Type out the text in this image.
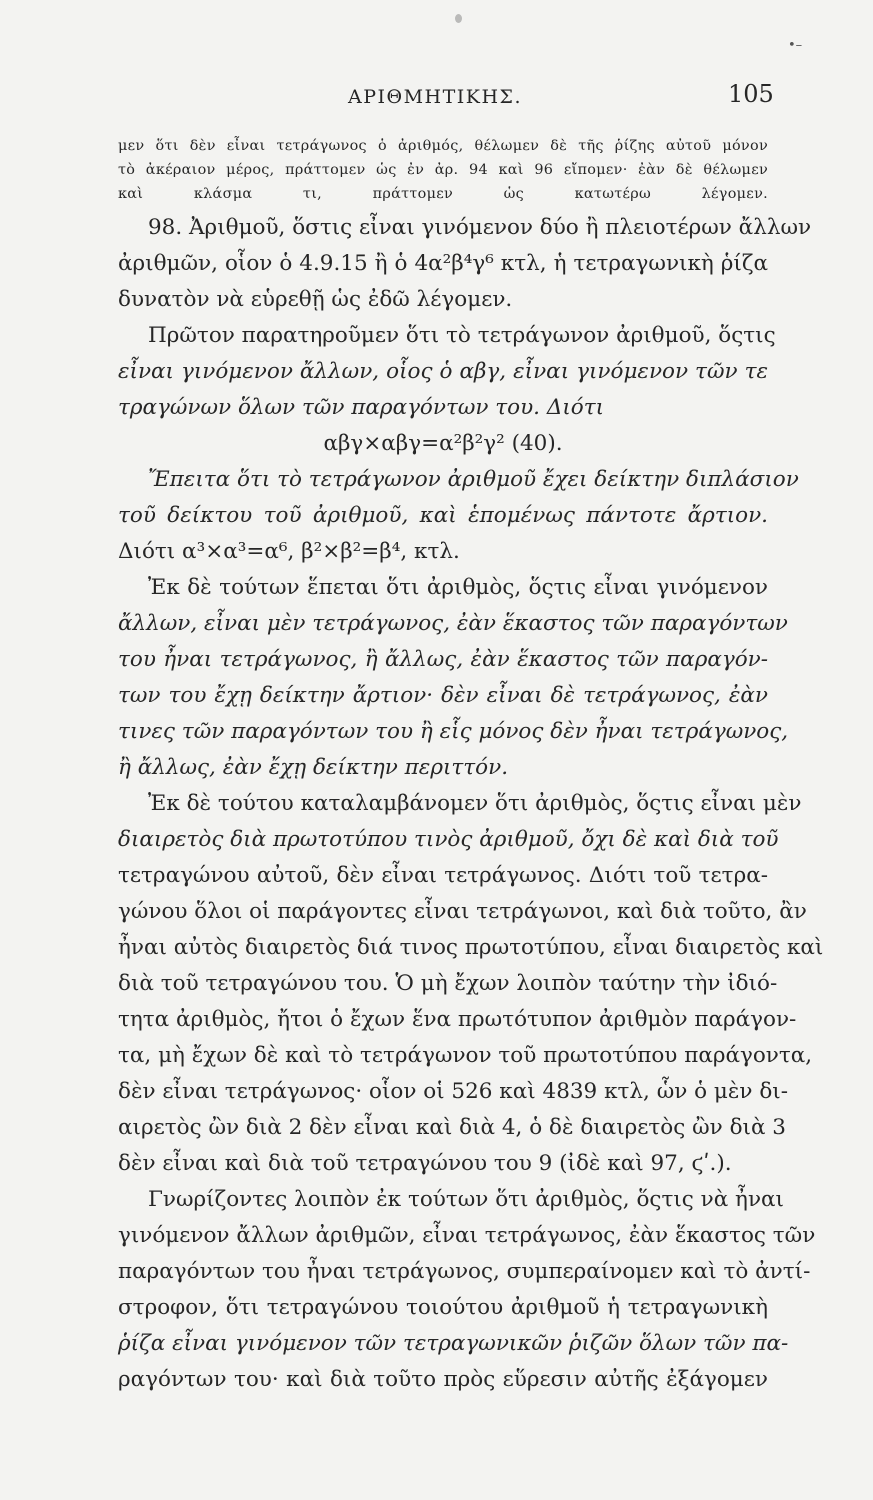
•–
ΑΡΙΘΜΗΤΙΚΗΣ.	105
μεν ὅτι δὲν εἶναι τετράγωνος ὁ ἀριθμός, θέλωμεν δὲ τῆς ῥίζης αὐτοῦ μόνον
τὸ ἀκέραιον μέρος, πράττομεν ὡς ἐν ἀρ. 94 καὶ 96 εἴπομεν· ἐὰν δὲ θέλωμεν
καὶ κλάσμα τι, πράττομεν ὡς κατωτέρω λέγομεν.
98. Ἀριθμοῦ, ὅστις εἶναι γινόμενον δύο ἢ πλειοτέρων ἄλλων
ἀριθμῶν, οἷον ὁ 4.9.15 ἢ ὁ 4α²β⁴γ⁶ κτλ, ἡ τετραγωνικὴ ῥίζα
δυνατὸν νὰ εὑρεθῇ ὡς ἐδῶ λέγομεν.
Πρῶτον παρατηροῦμεν ὅτι τὸ τετράγωνον ἀριθμοῦ, ὅςτις
εἶναι γινόμενον ἄλλων, οἷος ὁ αβγ, εἶναι γινόμενον τῶν τε
τραγώνων ὅλων τῶν παραγόντων του. Διότι
αβγ×αβγ=α²β²γ² (40).
Ἔπειτα ὅτι τὸ τετράγωνον ἀριθμοῦ ἔχει δείκτην διπλάσιον
τοῦ δείκτου τοῦ ἀριθμοῦ, καὶ ἑπομένως πάντοτε ἄρτιον.
Διότι α³×α³=α⁶, β²×β²=β⁴, κτλ.
Ἐκ δὲ τούτων ἕπεται ὅτι ἀριθμὸς, ὅςτις εἶναι γινόμενον
ἄλλων, εἶναι μὲν τετράγωνος, ἐὰν ἕκαστος τῶν παραγόντων
του ἦναι τετράγωνος, ἢ ἄλλως, ἐὰν ἕκαστος τῶν παραγόν-
των του ἔχῃ δείκτην ἄρτιον· δὲν εἶναι δὲ τετράγωνος, ἐὰν
τινες τῶν παραγόντων του ἢ εἷς μόνος δὲν ἦναι τετράγωνος,
ἢ ἄλλως, ἐὰν ἔχῃ δείκτην περιττόν.
Ἐκ δὲ τούτου καταλαμβάνομεν ὅτι ἀριθμὸς, ὅςτις εἶναι μὲν
διαιρετὸς διὰ πρωτοτύπου τινὸς ἀριθμοῦ, ὄχι δὲ καὶ διὰ τοῦ
τετραγώνου αὐτοῦ, δὲν εἶναι τετράγωνος. Διότι τοῦ τετρα-
γώνου ὅλοι οἱ παράγοντες εἶναι τετράγωνοι, καὶ διὰ τοῦτο, ἂν
ἦναι αὐτὸς διαιρετὸς διά τινος πρωτοτύπου, εἶναι διαιρετὸς καὶ
διὰ τοῦ τετραγώνου του. Ὁ μὴ ἔχων λοιπὸν ταύτην τὴν ἰδιό-
τητα ἀριθμὸς, ἤτοι ὁ ἔχων ἕνα πρωτότυπον ἀριθμὸν παράγον-
τα, μὴ ἔχων δὲ καὶ τὸ τετράγωνον τοῦ πρωτοτύπου παράγοντα,
δὲν εἶναι τετράγωνος· οἷον οἱ 526 καὶ 4839 κτλ, ὧν ὁ μὲν δι-
αιρετὸς ὢν διὰ 2 δὲν εἶναι καὶ διὰ 4, ὁ δὲ διαιρετὸς ὢν διὰ 3
δὲν εἶναι καὶ διὰ τοῦ τετραγώνου του 9 (ἰδὲ καὶ 97, ϛʹ.).
Γνωρίζοντες λοιπὸν ἐκ τούτων ὅτι ἀριθμὸς, ὅςτις νὰ ἦναι
γινόμενον ἄλλων ἀριθμῶν, εἶναι τετράγωνος, ἐὰν ἕκαστος τῶν
παραγόντων του ἦναι τετράγωνος, συμπεραίνομεν καὶ τὸ ἀντί-
στροφον, ὅτι τετραγώνου τοιούτου ἀριθμοῦ ἡ τετραγωνικὴ
ῥίζα εἶναι γινόμενον τῶν τετραγωνικῶν ῥιζῶν ὅλων τῶν πα-
ραγόντων του· καὶ διὰ τοῦτο πρὸς εὕρεσιν αὐτῆς ἐξάγομεν
